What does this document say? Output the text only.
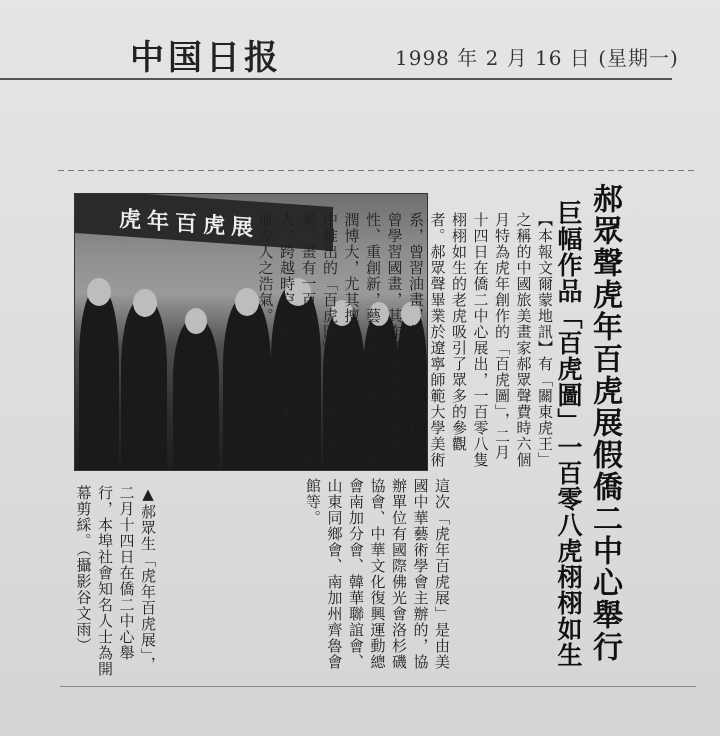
中国日报	1998 年 2 月 16 日 (星期一)
虎年百虎展	郝眾聲虎年百虎展假僑二中心舉行
巨幅作品「百虎圖」一百零八虎栩栩如生
【本報文爾蒙地訊】有「關東虎王」之稱的中國旅美畫家郝眾聲費時六個月特為虎年創作的「百虎圖」，二月十四日在僑二中心展出，一百零八隻栩栩如生的老虎吸引了眾多的參觀者。郝眾聲畢業於遼寧師範大學美術系，曾習油畫，後從師於宋雨桂、范曾學習國畫，其作品重意境、重個性、重創新，藝術風格雄渾野逸，蒼潤博大，尤其擅長畫虎。在這次畫展中推出的「百虎圖」長十七米，高一米，畫有一百零八只虎，作者以虎喻人，跨越時空，藉吟英雄之本色，喧泄今人之浩氣。
這次「虎年百虎展」是由美國中華藝術學會主辦的，協辦單位有國際佛光會洛杉磯協會、中華文化復興運動總會南加分會、韓華聯誼會、山東同鄉會、南加州齊魯會館等。
▲郝眾生「虎年百虎展」，二月十四日在僑二中心舉行，本埠社會知名人士為開幕剪綵。（攝影谷文雨）
